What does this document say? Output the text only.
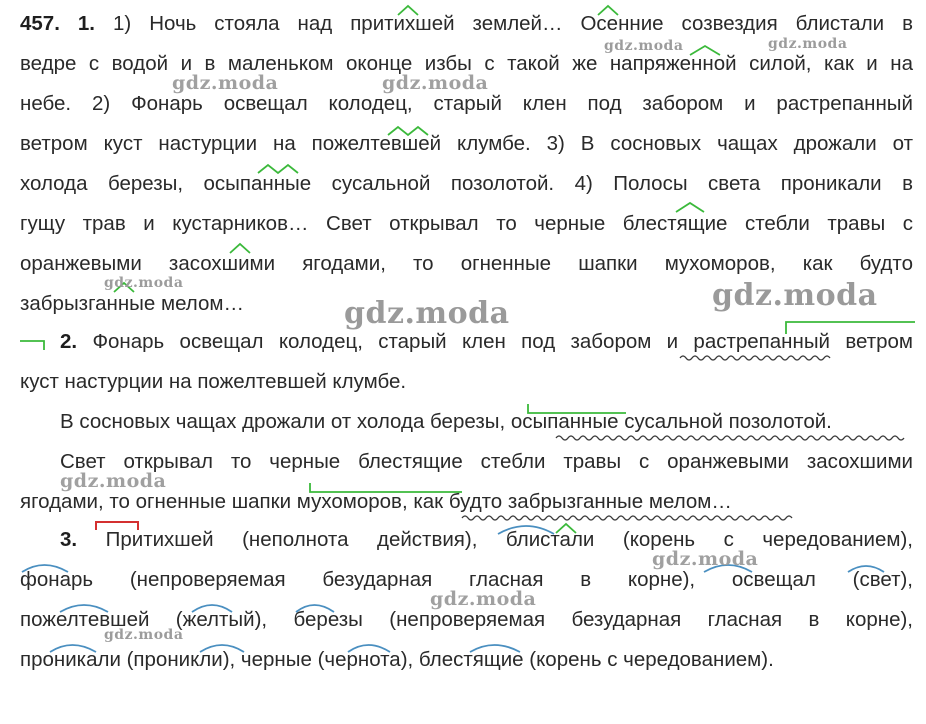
457. 1. 1) Ночь стояла над притихшей землей… Осенние созвездия блистали в
ведре с водой и в маленьком оконце избы с такой же напряженной силой, как и на
небе. 2) Фонарь освещал колодец, старый клен под забором и растрепанный
ветром куст настурции на пожелтевшей клумбе. 3) В сосновых чащах дрожали от
холода березы, осыпанные сусальной позолотой. 4) Полосы света проникали в
гущу трав и кустарников… Свет открывал то черные блестящие стебли травы с
оранжевыми засохшими ягодами, то огненные шапки мухоморов, как будто
забрызганные мелом…
2. Фонарь освещал колодец, старый клен под забором и растрепанный ветром
куст настурции на пожелтевшей клумбе.
В сосновых чащах дрожали от холода березы, осыпанные сусальной позолотой.
Свет открывал то черные блестящие стебли травы с оранжевыми засохшими
ягодами, то огненные шапки мухоморов, как будто забрызганные мелом…
3. Притихшей (неполнота действия), блистали (корень с чередованием),
фонарь (непроверяемая безударная гласная в корне), освещал (свет),
пожелтевшей (желтый), березы (непроверяемая безударная гласная в корне),
проникали (проникли), черные (чернота), блестящие (корень с чередованием).
gdz.moda	gdz.moda
gdz.moda	gdz.moda
gdz.moda	gdz.moda
gdz.moda
gdz.moda
gdz.moda
gdz.moda
gdz.moda
